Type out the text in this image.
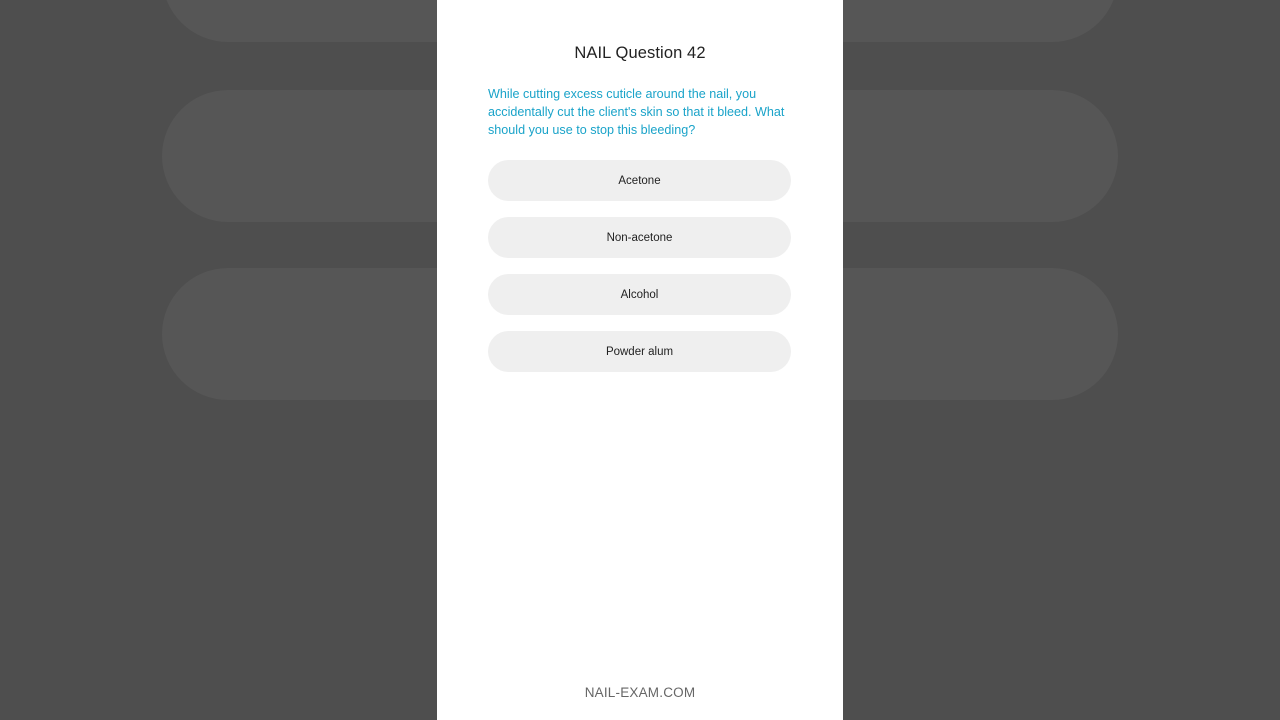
NAIL Question 42
While cutting excess cuticle around the nail, you accidentally cut the client's skin so that it bleed. What should you use to stop this bleeding?
Acetone
Non-acetone
Alcohol
Powder alum
NAIL-EXAM.COM
